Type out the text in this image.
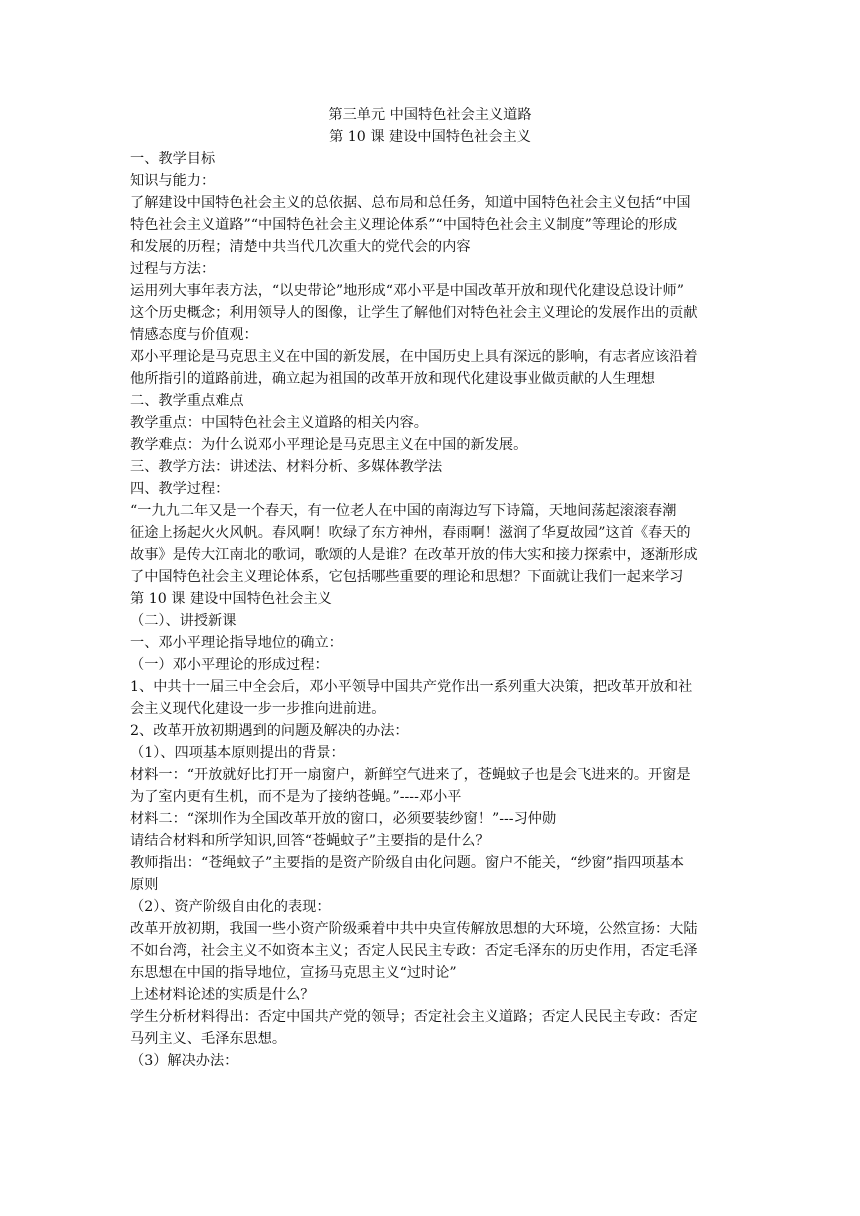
第三单元 中国特色社会主义道路
第 10 课 建设中国特色社会主义
一、教学目标
知识与能力：
了解建设中国特色社会主义的总依据、总布局和总任务，知道中国特色社会主义包括“中国
特色社会主义道路”“中国特色社会主义理论体系”“中国特色社会主义制度”等理论的形成
和发展的历程；清楚中共当代几次重大的党代会的内容
过程与方法：
运用列大事年表方法，“以史带论”地形成“邓小平是中国改革开放和现代化建设总设计师”
这个历史概念；利用领导人的图像，让学生了解他们对特色社会主义理论的发展作出的贡献
情感态度与价值观：
邓小平理论是马克思主义在中国的新发展，在中国历史上具有深远的影响，有志者应该沿着
他所指引的道路前进，确立起为祖国的改革开放和现代化建设事业做贡献的人生理想
二、教学重点难点
教学重点：中国特色社会主义道路的相关内容。
教学难点：为什么说邓小平理论是马克思主义在中国的新发展。
三、教学方法：讲述法、材料分析、多媒体教学法
四、教学过程：
“一九九二年又是一个春天，有一位老人在中国的南海边写下诗篇，天地间荡起滚滚春潮
征途上扬起火火风帆。春风啊！吹绿了东方神州，春雨啊！滋润了华夏故园”这首《春天的
故事》是传大江南北的歌词，歌颂的人是谁？在改革开放的伟大实和接力探索中，逐渐形成
了中国特色社会主义理论体系，它包括哪些重要的理论和思想？下面就让我们一起来学习
第 10 课 建设中国特色社会主义
（二）、讲授新课
一、邓小平理论指导地位的确立：
（一）邓小平理论的形成过程：
1、中共十一届三中全会后，邓小平领导中国共产党作出一系列重大决策，把改革开放和社
会主义现代化建设一步一步推向进前进。
2、改革开放初期遇到的问题及解决的办法：
（1）、四项基本原则提出的背景：
材料一：“开放就好比打开一扇窗户，新鲜空气进来了，苍蝇蚊子也是会飞进来的。开窗是
为了室内更有生机，而不是为了接纳苍蝇。”----邓小平
材料二：“深圳作为全国改革开放的窗口，必须要装纱窗！”---习仲勋
请结合材料和所学知识,回答“苍蝇蚊子”主要指的是什么？
教师指出：“苍绳蚊子”主要指的是资产阶级自由化问题。窗户不能关，“纱窗”指四项基本
原则
（2）、资产阶级自由化的表现：
改革开放初期，我国一些小资产阶级乘着中共中央宣传解放思想的大环境，公然宣扬：大陆
不如台湾，社会主义不如资本主义；否定人民民主专政：否定毛泽东的历史作用，否定毛泽
东思想在中国的指导地位，宣扬马克思主义“过时论”
上述材料论述的实质是什么？
学生分析材料得出：否定中国共产党的领导；否定社会主义道路；否定人民民主专政：否定
马列主义、毛泽东思想。
（3）解决办法：
